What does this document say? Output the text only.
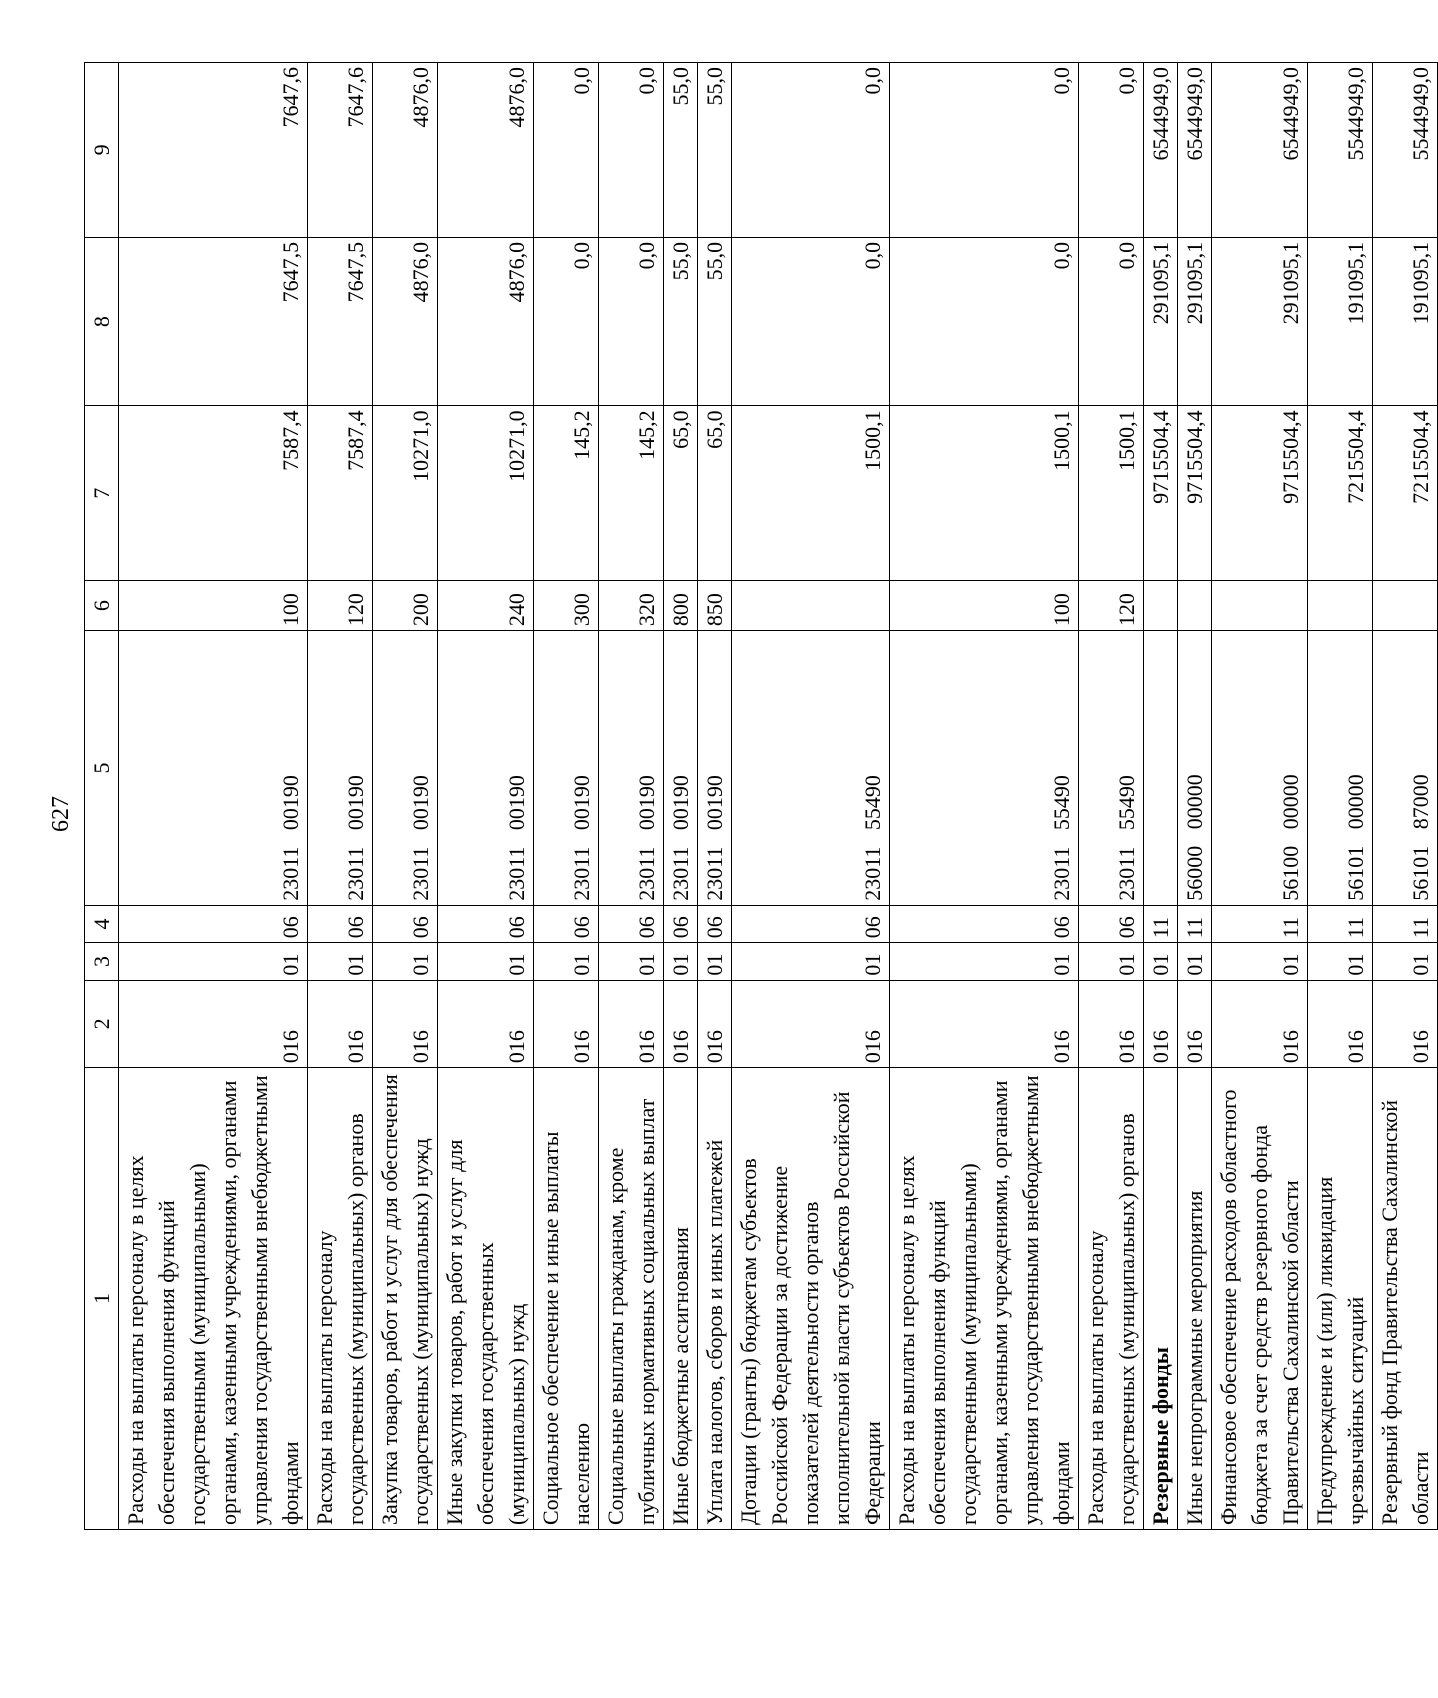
627
1	2	3	4	5	6	7	8	9
Расходы на выплаты персоналу в целях обеспечения выполнения функций государственными (муниципальными) органами, казенными учреждениями, органами управления государственными внебюджетными фондами	016	01	06	23011   00190	100	7587,4	7647,5	7647,6
Расходы на выплаты персоналу государственных (муниципальных) органов	016	01	06	23011   00190	120	7587,4	7647,5	7647,6
Закупка товаров, работ и услуг для обеспечения государственных (муниципальных) нужд	016	01	06	23011   00190	200	10271,0	4876,0	4876,0
Иные закупки товаров, работ и услуг для обеспечения государственных (муниципальных) нужд	016	01	06	23011   00190	240	10271,0	4876,0	4876,0
Социальное обеспечение и иные выплаты населению	016	01	06	23011   00190	300	145,2	0,0	0,0
Социальные выплаты гражданам, кроме публичных нормативных социальных выплат	016	01	06	23011   00190	320	145,2	0,0	0,0
Иные бюджетные ассигнования	016	01	06	23011   00190	800	65,0	55,0	55,0
Уплата налогов, сборов и иных платежей	016	01	06	23011   00190	850	65,0	55,0	55,0
Дотации (гранты) бюджетам субъектов Российской Федерации за достижение показателей деятельности органов исполнительной власти субъектов Российской Федерации	016	01	06	23011   55490		1500,1	0,0	0,0
Расходы на выплаты персоналу в целях обеспечения выполнения функций государственными (муниципальными) органами, казенными учреждениями, органами управления государственными внебюджетными фондами	016	01	06	23011   55490	100	1500,1	0,0	0,0
Расходы на выплаты персоналу государственных (муниципальных) органов	016	01	06	23011   55490	120	1500,1	0,0	0,0
Резервные фонды	016	01	11			9715504,4	291095,1	6544949,0
Иные непрограммные мероприятия	016	01	11	56000   00000		9715504,4	291095,1	6544949,0
Финансовое обеспечение расходов областного бюджета за счет средств резервного фонда Правительства Сахалинской области	016	01	11	56100   00000		9715504,4	291095,1	6544949,0
Предупреждение и (или) ликвидация чрезвычайных ситуаций	016	01	11	56101   00000		7215504,4	191095,1	5544949,0
Резервный фонд Правительства Сахалинской области	016	01	11	56101   87000		7215504,4	191095,1	5544949,0
